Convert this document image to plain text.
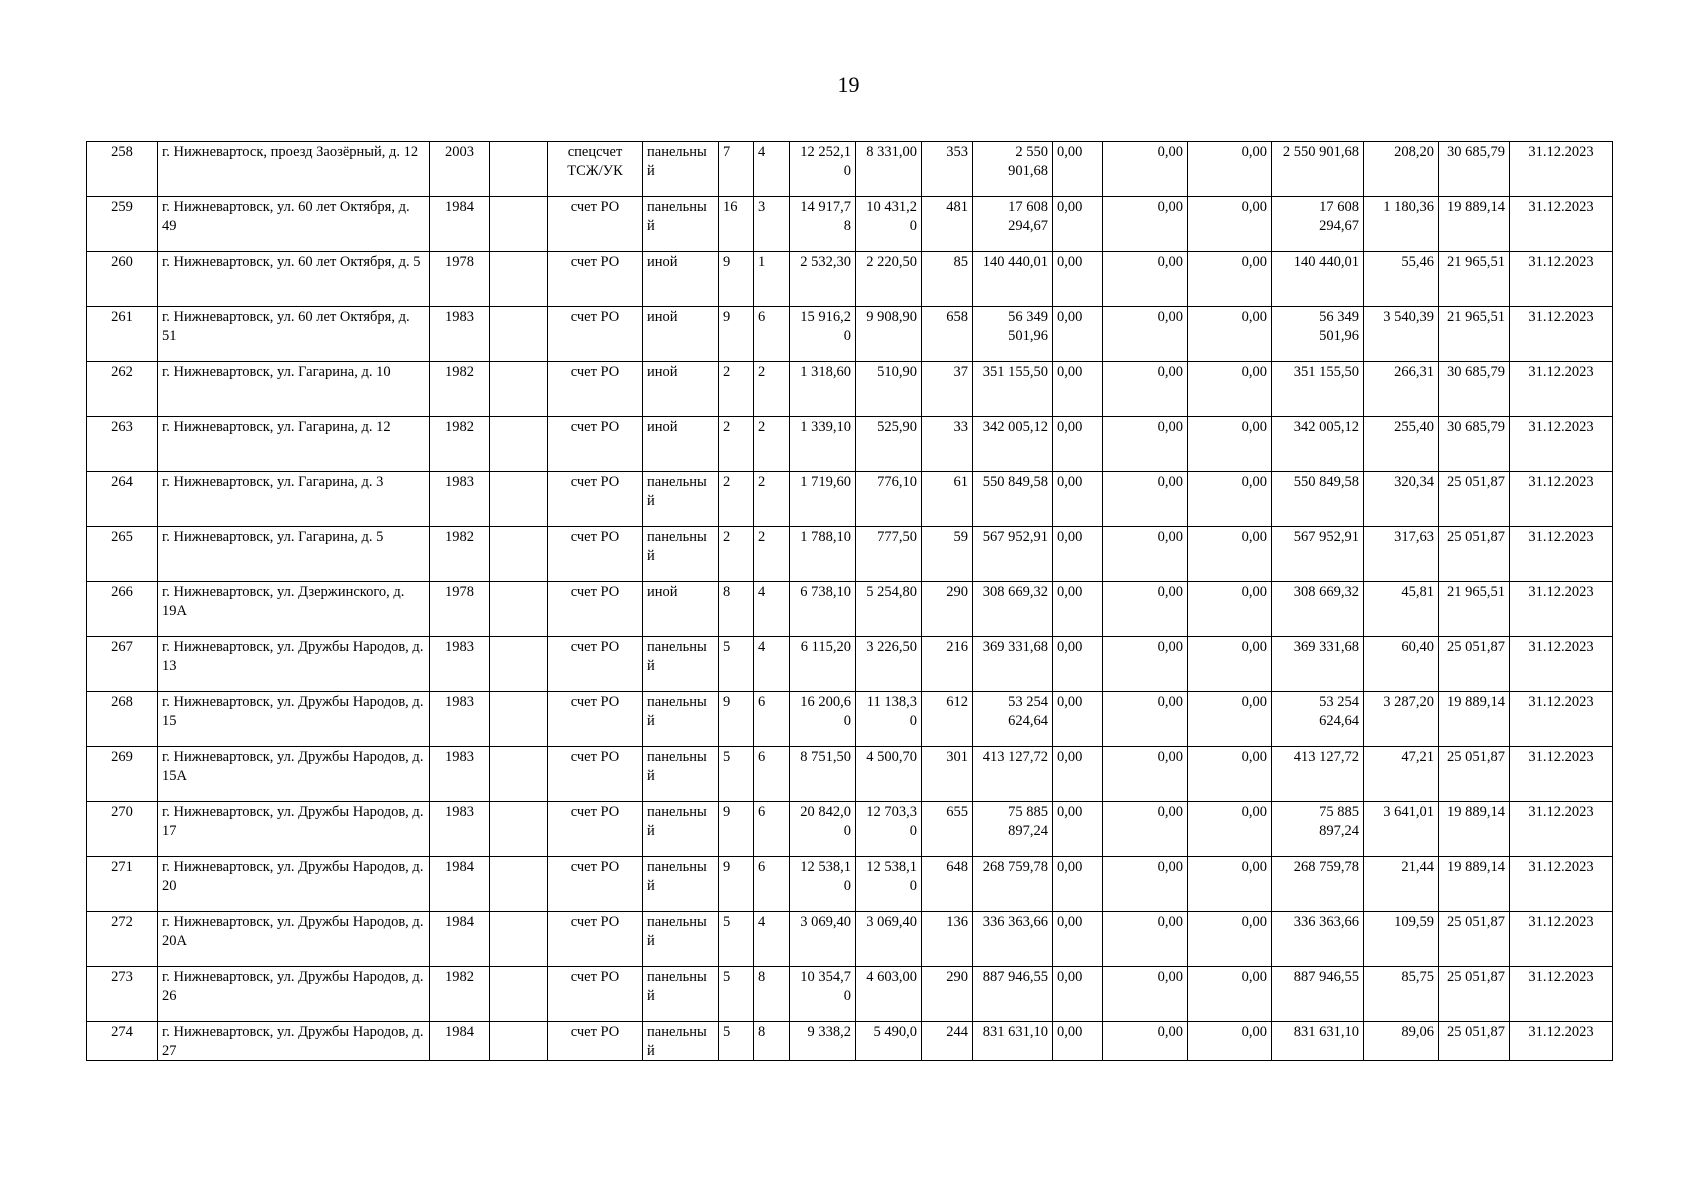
19
258	г. Нижневартоск, проезд Заозёрный, д. 12	2003		спецсчет ТСЖ/УК	панельный	7	4	12 252,10	8 331,00	353	2 550 901,68	0,00	0,00	0,00	2 550 901,68	208,20	30 685,79	31.12.2023
259	г. Нижневартовск, ул. 60 лет Октября, д. 49	1984		счет РО	панельный	16	3	14 917,78	10 431,20	481	17 608 294,67	0,00	0,00	0,00	17 608 294,67	1 180,36	19 889,14	31.12.2023
260	г. Нижневартовск, ул. 60 лет Октября, д. 5	1978		счет РО	иной	9	1	2 532,30	2 220,50	85	140 440,01	0,00	0,00	0,00	140 440,01	55,46	21 965,51	31.12.2023
261	г. Нижневартовск, ул. 60 лет Октября, д. 51	1983		счет РО	иной	9	6	15 916,20	9 908,90	658	56 349 501,96	0,00	0,00	0,00	56 349 501,96	3 540,39	21 965,51	31.12.2023
262	г. Нижневартовск, ул. Гагарина, д. 10	1982		счет РО	иной	2	2	1 318,60	510,90	37	351 155,50	0,00	0,00	0,00	351 155,50	266,31	30 685,79	31.12.2023
263	г. Нижневартовск, ул. Гагарина, д. 12	1982		счет РО	иной	2	2	1 339,10	525,90	33	342 005,12	0,00	0,00	0,00	342 005,12	255,40	30 685,79	31.12.2023
264	г. Нижневартовск, ул. Гагарина, д. 3	1983		счет РО	панельный	2	2	1 719,60	776,10	61	550 849,58	0,00	0,00	0,00	550 849,58	320,34	25 051,87	31.12.2023
265	г. Нижневартовск, ул. Гагарина, д. 5	1982		счет РО	панельный	2	2	1 788,10	777,50	59	567 952,91	0,00	0,00	0,00	567 952,91	317,63	25 051,87	31.12.2023
266	г. Нижневартовск, ул. Дзержинского, д. 19А	1978		счет РО	иной	8	4	6 738,10	5 254,80	290	308 669,32	0,00	0,00	0,00	308 669,32	45,81	21 965,51	31.12.2023
267	г. Нижневартовск, ул. Дружбы Народов, д. 13	1983		счет РО	панельный	5	4	6 115,20	3 226,50	216	369 331,68	0,00	0,00	0,00	369 331,68	60,40	25 051,87	31.12.2023
268	г. Нижневартовск, ул. Дружбы Народов, д. 15	1983		счет РО	панельный	9	6	16 200,60	11 138,30	612	53 254 624,64	0,00	0,00	0,00	53 254 624,64	3 287,20	19 889,14	31.12.2023
269	г. Нижневартовск, ул. Дружбы Народов, д. 15А	1983		счет РО	панельный	5	6	8 751,50	4 500,70	301	413 127,72	0,00	0,00	0,00	413 127,72	47,21	25 051,87	31.12.2023
270	г. Нижневартовск, ул. Дружбы Народов, д. 17	1983		счет РО	панельный	9	6	20 842,00	12 703,30	655	75 885 897,24	0,00	0,00	0,00	75 885 897,24	3 641,01	19 889,14	31.12.2023
271	г. Нижневартовск, ул. Дружбы Народов, д. 20	1984		счет РО	панельный	9	6	12 538,10	12 538,10	648	268 759,78	0,00	0,00	0,00	268 759,78	21,44	19 889,14	31.12.2023
272	г. Нижневартовск, ул. Дружбы Народов, д. 20А	1984		счет РО	панельный	5	4	3 069,40	3 069,40	136	336 363,66	0,00	0,00	0,00	336 363,66	109,59	25 051,87	31.12.2023
273	г. Нижневартовск, ул. Дружбы Народов, д. 26	1982		счет РО	панельный	5	8	10 354,70	4 603,00	290	887 946,55	0,00	0,00	0,00	887 946,55	85,75	25 051,87	31.12.2023
274	г. Нижневартовск, ул. Дружбы Народов, д. 27	1984		счет РО	панельный	5	8	9 338,2	5 490,0	244	831 631,10	0,00	0,00	0,00	831 631,10	89,06	25 051,87	31.12.2023
